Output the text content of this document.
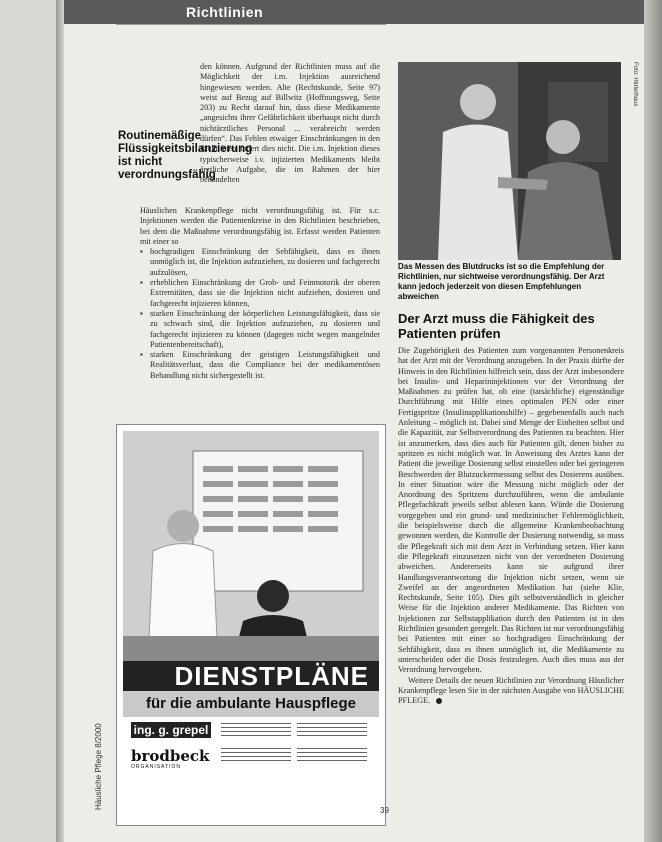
Richtlinien
den können. Aufgrund der Richtlinien muss auf die Möglichkeit der i.m. Injektion ausreichend hingewiesen werden. Alte (Rechtskunde, Seite 97) weist auf Bezug auf Billwitz (Hoffnungsweg, Seite 203) zu Recht darauf hin, dass diese Medikamente „angesichts ihrer Gefährlichkeit überhaupt nicht durch nichtärztliches Personal ... verabreicht werden dürfen“. Das Fehlen etwaiger Einschränkungen in den Richtlinien ändert dies nicht. Die i.m. Injektion dieses typischerweise i.v. injizierten Medikaments bleibt ärztliche Aufgabe, die im Rahmen der hier behandelten
Routinemäßige Flüssigkeitsbilanzierung ist nicht verordnungsfähig
Häuslichen Krankenpflege nicht verordnungsfähig ist. Für s.c. Injektionen werden die Patientenkreise in den Richtlinien beschrieben, bei dem die Maßnahme verordnungsfähig ist. Erfasst werden Patienten mit einer so
▪ hochgradigen Einschränkung der Sehfähigkeit, dass es ihnen unmöglich ist, die Injektion aufzuziehen, zu dosieren und fachgerecht aufzulösen,
▪ erheblichen Einschränkung der Grob- und Feinmotorik der oberen Extremitäten, dass sie die Injektion nicht aufziehen, dosieren und fachgerecht injizieren können,
▪ starken Einschränkung der körperlichen Leistungsfähigkeit, dass sie zu schwach sind, die Injektion aufzuziehen, zu dosieren und fachgerecht injizieren zu können (dagegen nicht wegen mangelnder Patientenbereitschaft),
▪ starken Einschränkung der geistigen Leistungsfähigkeit und Realitätsverlust, dass die Compliance bei der medikamentösen Behandlung nicht sichergestellt ist.
Foto: Hinterhaus
Das Messen des Blutdrucks ist so die Empfehlung der Richtlinien, nur sichtweise verordnungsfähig. Der Arzt kann jedoch jederzeit von diesen Empfehlungen abweichen
Der Arzt muss die Fähigkeit des Patienten prüfen
Die Zugehörigkeit des Patienten zum vorgenannten Personenkreis hat der Arzt mit der Verordnung anzugeben. In der Praxis dürfte der Hinweis in den Richtlinien hilfreich sein, dass der Arzt insbesondere bei Insulin- und Heparininjektionen vor der Verordnung der Maßnahmen zu prüfen hat, ob eine (tatsächliche) eigenständige Durchführung mit Hilfe eines optimalen PEN oder einer Fertigspritze (Insulinapplikationshilfe) – gegebenenfalls auch nach Anleitung – möglich ist. Dabei sind Menge der Einheiten selbst und die Kapazität, zur Selbstverordnung des Patienten zu beachten. Hier ist anzumerken, dass dies auch für Patienten gilt, denen bisher zu spritzen es nicht möglich war. In Anweisung des Arztes kann der Patient die jeweilige Dosierung selbst einstellen oder bei geringeren Beschwerden der Blutzuckermessung selbst des Dosierens ausüben. In einer Situation wäre die Messung nicht möglich oder der Anordnung des Spritzens durchzuführen, wenn die ambulante Pflegefachkraft jeweils selbst ablesen kann. Würde die Dosierung vorgegeben und ein grund- und medizinischer Fehlermöglichkeit, die beispielsweise durch die allgemeine Krankenbeobachtung gewonnen werden, die Kontrolle der Dosierung notwendig, so muss die Pflegekraft sich mit dem Arzt in Verbindung setzen. Hier kann die Pflegekraft einzusetzen nicht von der verordneten Dosierung abweichen. Andererseits kann sie aufgrund ihrer Handlungsverantwortung die Injektion nicht setzen, wenn sie Zweifel an der angeordneten Medikation hat (siehe Klie, Rechtskunde, Seite 105). Dies gilt selbstverständlich in gleicher Weise für die Injektion anderer Medikamente. Das Richten von Injektionen zur Selbstapplikation durch den Patienten ist in den Richtlinien gesondert geregelt. Das Richten ist nur verordnungsfähig bei Patienten mit einer so hochgradigen Einschränkung der Sehfähigkeit, dass es ihnen unmöglich ist, die Medikamente zu unterscheiden oder die Dosis festzulegen. Auch dies muss aus der Verordnung hervorgehen.
Weitere Details der neuen Richtlinien zur Verordnung Häuslicher Krankenpflege lesen Sie in der nächsten Ausgabe von HÄUSLICHE PFLEGE.
DIENSTPLÄNE
für die ambulante Hauspflege
ing. g. grepel
brodbeck
ORGANISATION
Häusliche Pflege 8/2000
39
